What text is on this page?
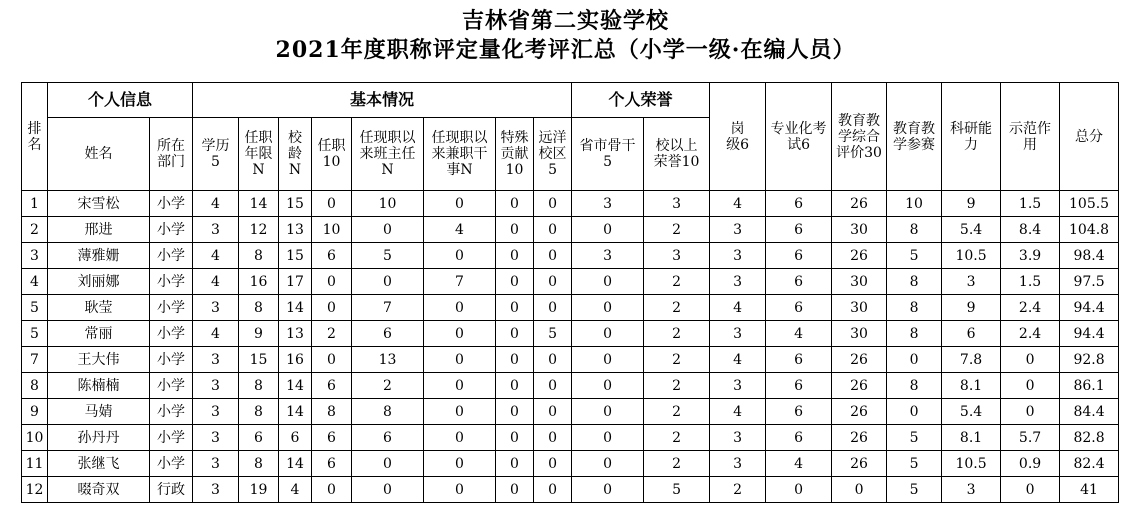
吉林省第二实验学校
2021年度职称评定量化考评汇总（小学一级·在编人员）
排名	个人信息		基本情况								个人荣誉		岗级6	专业化考试6	教育教学综合评价30	教育教学参赛	科研能力	示范作用	总分
	姓名	所在部门	学历5	任职年限N	校龄N	任职10	任现职以来班主任N	任现职以来兼职干事N	特殊贡献10	远洋校区5	省市骨干5	校以上荣誉10							
1	宋雪松	小学	4	14	15	0	10	0	0	0	3	3	4	6	26	10	9	1.5	105.5
2	邢进	小学	3	12	13	10	0	4	0	0	0	2	3	6	30	8	5.4	8.4	104.8
3	薄雅姗	小学	4	8	15	6	5	0	0	0	3	3	3	6	26	5	10.5	3.9	98.4
4	刘丽娜	小学	4	16	17	0	0	7	0	0	0	2	3	6	30	8	3	1.5	97.5
5	耿莹	小学	3	8	14	0	7	0	0	0	0	2	4	6	30	8	9	2.4	94.4
5	常丽	小学	4	9	13	2	6	0	0	5	0	2	3	4	30	8	6	2.4	94.4
7	王大伟	小学	3	15	16	0	13	0	0	0	0	2	4	6	26	0	7.8	0	92.8
8	陈楠楠	小学	3	8	14	6	2	0	0	0	0	2	3	6	26	8	8.1	0	86.1
9	马婧	小学	3	8	14	8	8	0	0	0	0	2	4	6	26	0	5.4	0	84.4
10	孙丹丹	小学	3	6	6	6	6	0	0	0	0	2	3	6	26	5	8.1	5.7	82.8
11	张继飞	小学	3	8	14	6	0	0	0	0	0	2	3	4	26	5	10.5	0.9	82.4
12	啜奇双	行政	3	19	4	0	0	0	0	0	0	5	2	0	0	5	3	0	41
